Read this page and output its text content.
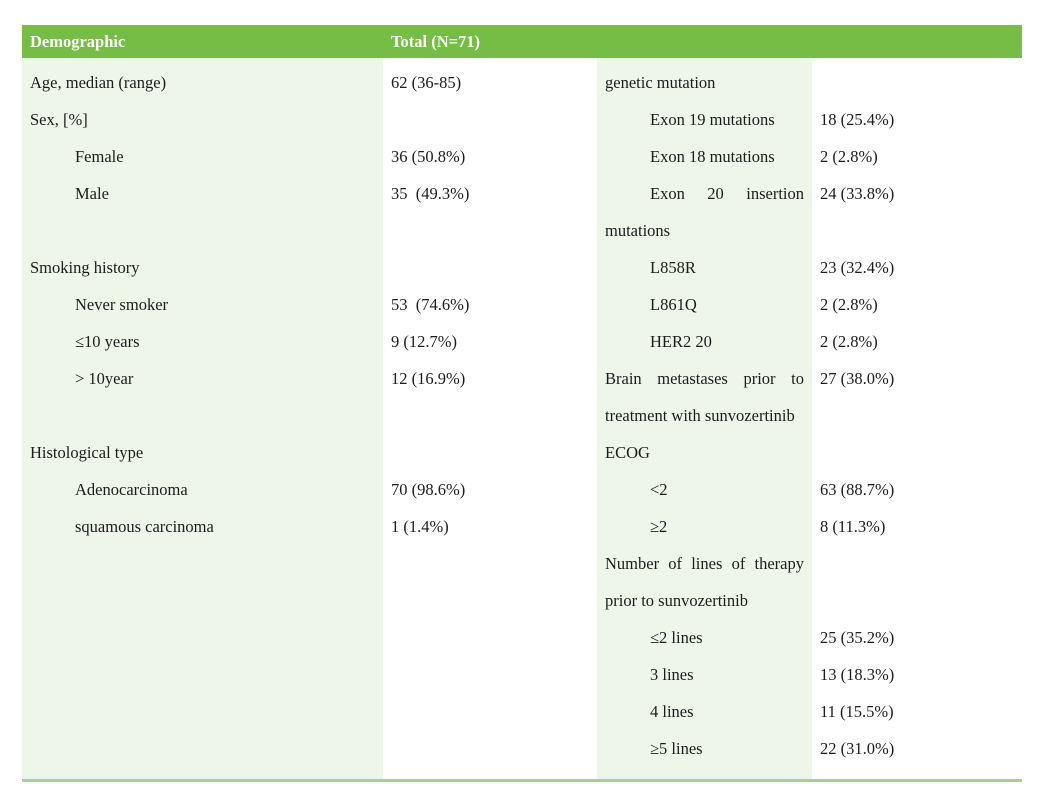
Demographic	Total (N=71)
Age, median (range)
Sex, [%]
Female
Male
Smoking history
Never smoker
≤10 years
> 10year
Histological type
Adenocarcinoma
squamous carcinoma
62 (36-85)
36 (50.8%)
35  (49.3%)
53  (74.6%)
9 (12.7%)
12 (16.9%)
70 (98.6%)
1 (1.4%)
genetic mutation
Exon 19 mutations
Exon 18 mutations
Exon 20 insertion
mutations
L858R
L861Q
HER2 20
Brain metastases prior to
treatment with sunvozertinib
ECOG
<2
≥2
Number of lines of therapy
prior to sunvozertinib
≤2 lines
3 lines
4 lines
≥5 lines
18 (25.4%)
2 (2.8%)
24 (33.8%)
23 (32.4%)
2 (2.8%)
2 (2.8%)
27 (38.0%)
63 (88.7%)
8 (11.3%)
25 (35.2%)
13 (18.3%)
11 (15.5%)
22 (31.0%)
